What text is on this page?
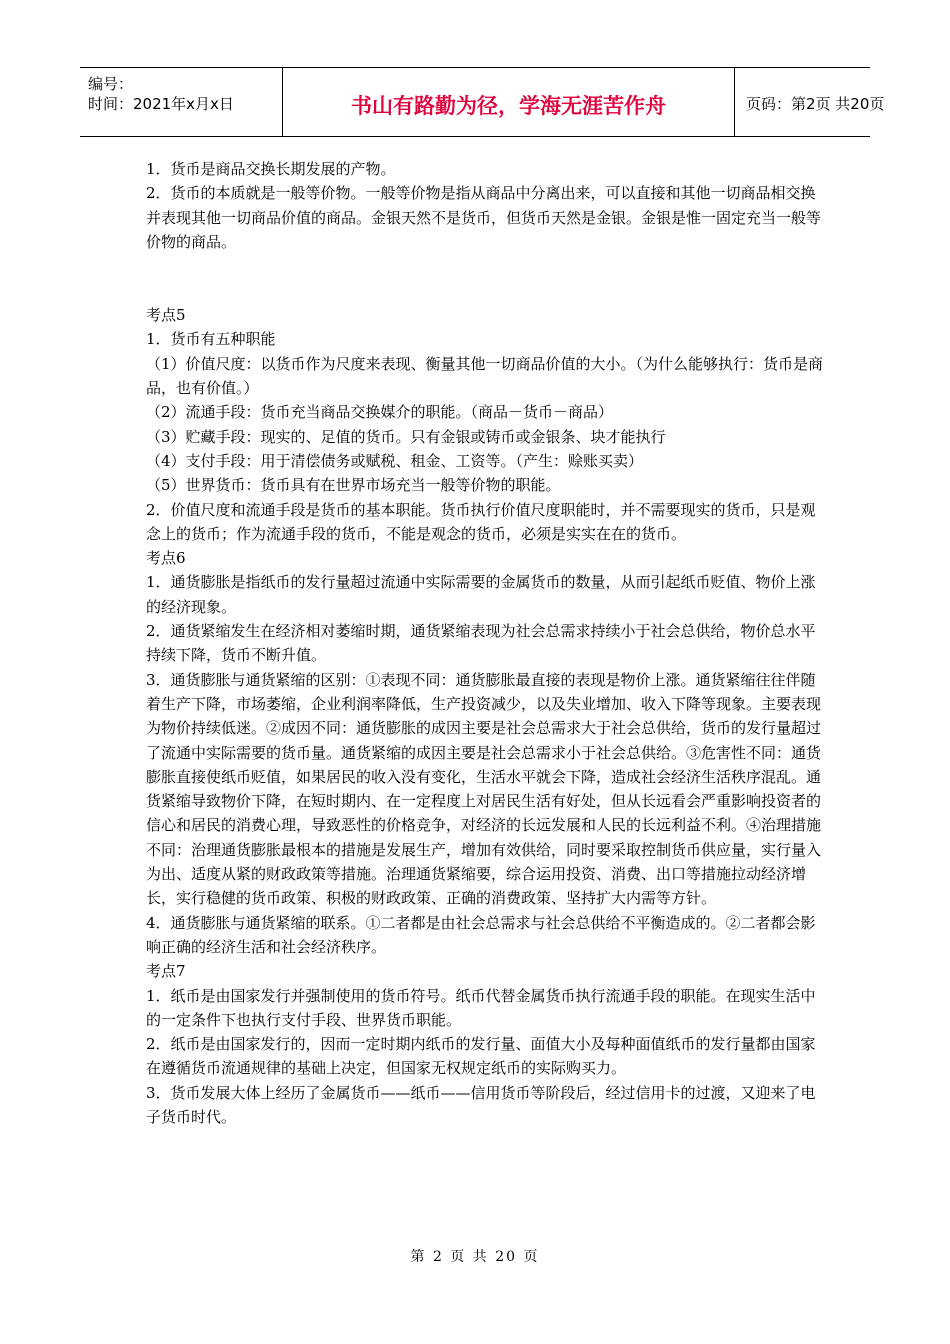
编号：
时间：2021年x月x日	书山有路勤为径，学海无涯苦作舟	页码：第2页 共20页

1．货币是商品交换长期发展的产物。

2．货币的本质就是一般等价物。一般等价物是指从商品中分离出来，可以直接和其他一切商品相交换并表现其他一切商品价值的商品。金银天然不是货币，但货币天然是金银。金银是惟一固定充当一般等价物的商品。

考点5

1．货币有五种职能

（1）价值尺度：以货币作为尺度来表现、衡量其他一切商品价值的大小。（为什么能够执行：货币是商品，也有价值。）

（2）流通手段：货币充当商品交换媒介的职能。（商品－货币－商品）

（3）贮藏手段：现实的、足值的货币。只有金银或铸币或金银条、块才能执行

（4）支付手段：用于清偿债务或赋税、租金、工资等。（产生：赊账买卖）

（5）世界货币：货币具有在世界市场充当一般等价物的职能。

2．价值尺度和流通手段是货币的基本职能。货币执行价值尺度职能时，并不需要现实的货币，只是观念上的货币；作为流通手段的货币，不能是观念的货币，必须是实实在在的货币。

考点6

1．通货膨胀是指纸币的发行量超过流通中实际需要的金属货币的数量，从而引起纸币贬值、物价上涨的经济现象。

2．通货紧缩发生在经济相对萎缩时期，通货紧缩表现为社会总需求持续小于社会总供给，物价总水平持续下降，货币不断升值。

3．通货膨胀与通货紧缩的区别：①表现不同：通货膨胀最直接的表现是物价上涨。通货紧缩往往伴随着生产下降，市场萎缩，企业利润率降低，生产投资减少，以及失业增加、收入下降等现象。主要表现为物价持续低迷。②成因不同：通货膨胀的成因主要是社会总需求大于社会总供给，货币的发行量超过了流通中实际需要的货币量。通货紧缩的成因主要是社会总需求小于社会总供给。③危害性不同：通货膨胀直接使纸币贬值，如果居民的收入没有变化，生活水平就会下降，造成社会经济生活秩序混乱。通货紧缩导致物价下降，在短时期内、在一定程度上对居民生活有好处，但从长远看会严重影响投资者的信心和居民的消费心理，导致恶性的价格竞争，对经济的长远发展和人民的长远利益不利。④治理措施不同：治理通货膨胀最根本的措施是发展生产，增加有效供给，同时要采取控制货币供应量，实行量入为出、适度从紧的财政政策等措施。治理通货紧缩要，综合运用投资、消费、出口等措施拉动经济增长，实行稳健的货币政策、积极的财政政策、正确的消费政策、坚持扩大内需等方针。

4．通货膨胀与通货紧缩的联系。①二者都是由社会总需求与社会总供给不平衡造成的。②二者都会影响正确的经济生活和社会经济秩序。

考点7

1．纸币是由国家发行并强制使用的货币符号。纸币代替金属货币执行流通手段的职能。在现实生活中的一定条件下也执行支付手段、世界货币职能。

2．纸币是由国家发行的，因而一定时期内纸币的发行量、面值大小及每种面值纸币的发行量都由国家在遵循货币流通规律的基础上决定，但国家无权规定纸币的实际购买力。

3．货币发展大体上经历了金属货币——纸币——信用货币等阶段后，经过信用卡的过渡，又迎来了电子货币时代。

第 2 页 共 20 页
